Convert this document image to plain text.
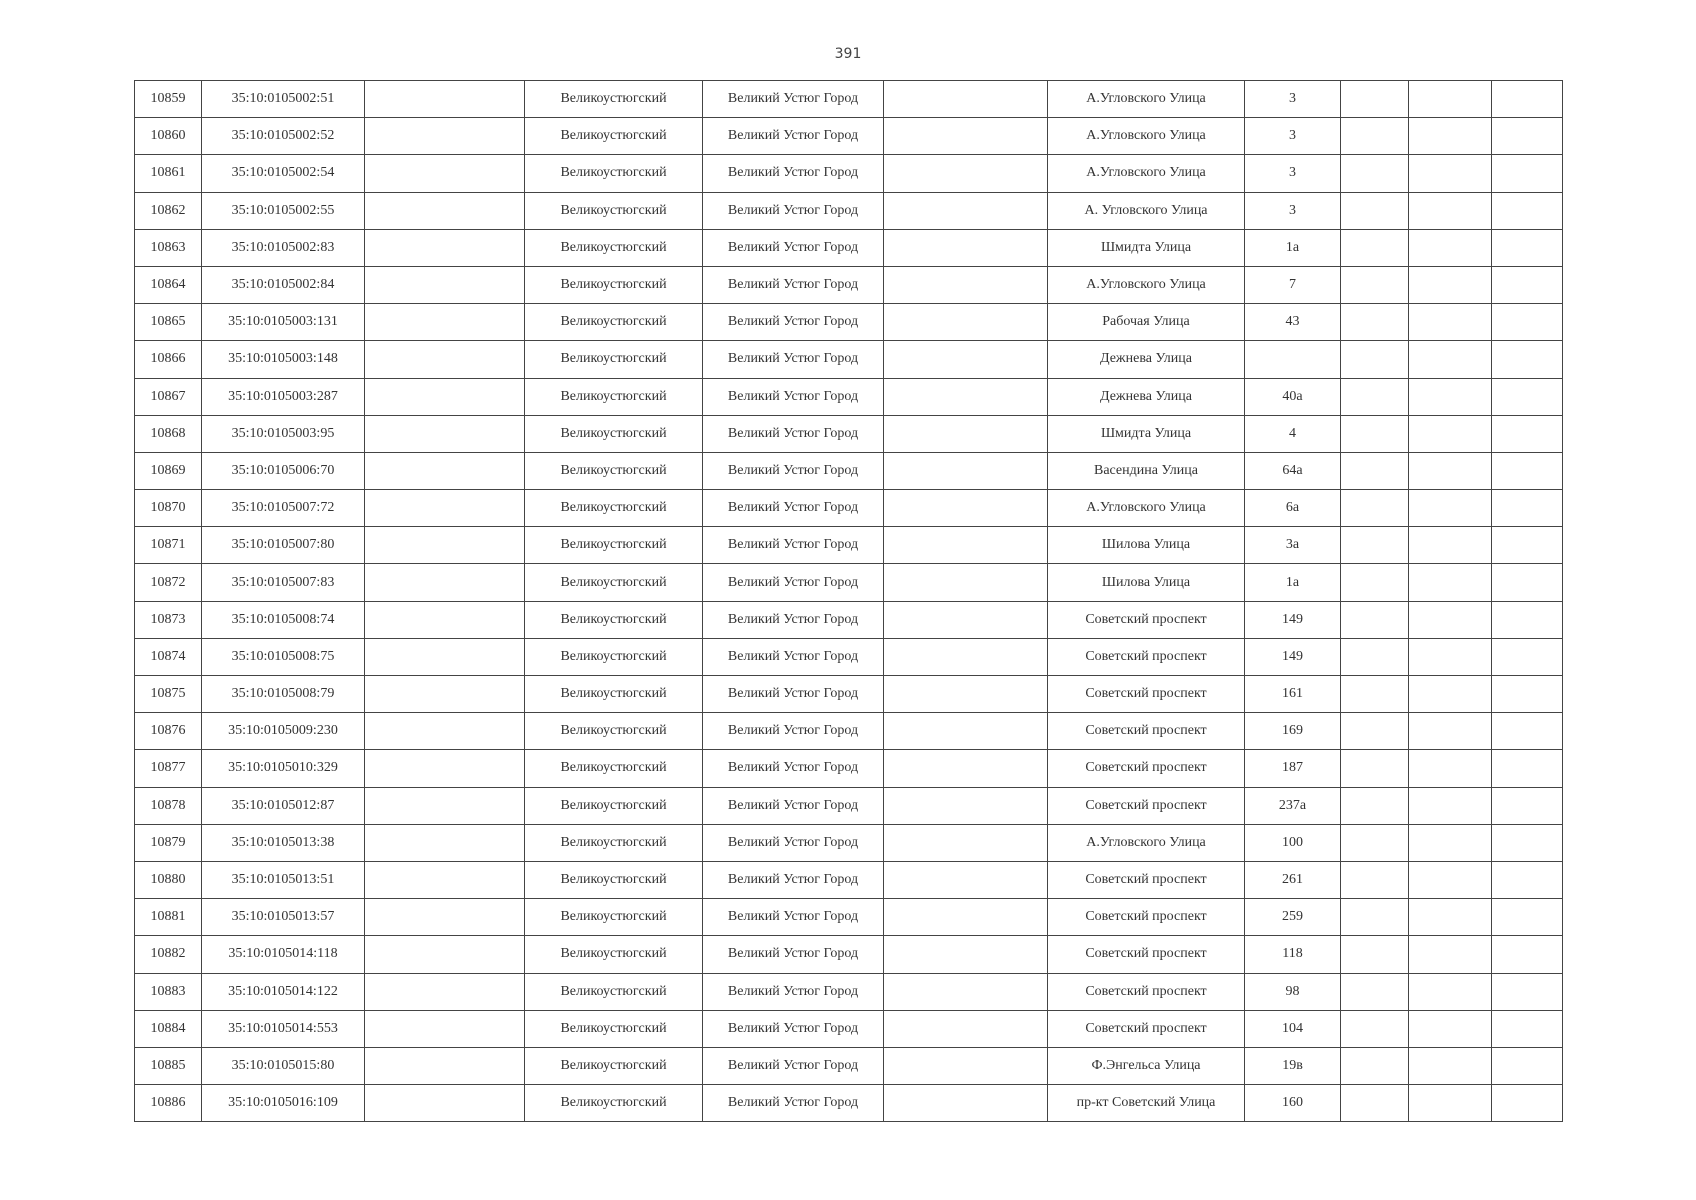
391
10859	35:10:0105002:51		Великоустюгский	Великий Устюг Город		А.Угловского Улица	3			
10860	35:10:0105002:52		Великоустюгский	Великий Устюг Город		А.Угловского Улица	3			
10861	35:10:0105002:54		Великоустюгский	Великий Устюг Город		А.Угловского Улица	3			
10862	35:10:0105002:55		Великоустюгский	Великий Устюг Город		А. Угловского Улица	3			
10863	35:10:0105002:83		Великоустюгский	Великий Устюг Город		Шмидта Улица	1а			
10864	35:10:0105002:84		Великоустюгский	Великий Устюг Город		А.Угловского Улица	7			
10865	35:10:0105003:131		Великоустюгский	Великий Устюг Город		Рабочая Улица	43			
10866	35:10:0105003:148		Великоустюгский	Великий Устюг Город		Дежнева Улица				
10867	35:10:0105003:287		Великоустюгский	Великий Устюг Город		Дежнева Улица	40а			
10868	35:10:0105003:95		Великоустюгский	Великий Устюг Город		Шмидта Улица	4			
10869	35:10:0105006:70		Великоустюгский	Великий Устюг Город		Васендина Улица	64а			
10870	35:10:0105007:72		Великоустюгский	Великий Устюг Город		А.Угловского Улица	6а			
10871	35:10:0105007:80		Великоустюгский	Великий Устюг Город		Шилова Улица	3а			
10872	35:10:0105007:83		Великоустюгский	Великий Устюг Город		Шилова Улица	1а			
10873	35:10:0105008:74		Великоустюгский	Великий Устюг Город		Советский проспект	149			
10874	35:10:0105008:75		Великоустюгский	Великий Устюг Город		Советский проспект	149			
10875	35:10:0105008:79		Великоустюгский	Великий Устюг Город		Советский проспект	161			
10876	35:10:0105009:230		Великоустюгский	Великий Устюг Город		Советский проспект	169			
10877	35:10:0105010:329		Великоустюгский	Великий Устюг Город		Советский проспект	187			
10878	35:10:0105012:87		Великоустюгский	Великий Устюг Город		Советский проспект	237а			
10879	35:10:0105013:38		Великоустюгский	Великий Устюг Город		А.Угловского Улица	100			
10880	35:10:0105013:51		Великоустюгский	Великий Устюг Город		Советский проспект	261			
10881	35:10:0105013:57		Великоустюгский	Великий Устюг Город		Советский проспект	259			
10882	35:10:0105014:118		Великоустюгский	Великий Устюг Город		Советский проспект	118			
10883	35:10:0105014:122		Великоустюгский	Великий Устюг Город		Советский проспект	98			
10884	35:10:0105014:553		Великоустюгский	Великий Устюг Город		Советский проспект	104			
10885	35:10:0105015:80		Великоустюгский	Великий Устюг Город		Ф.Энгельса Улица	19в			
10886	35:10:0105016:109		Великоустюгский	Великий Устюг Город		пр-кт Советский Улица	160			
